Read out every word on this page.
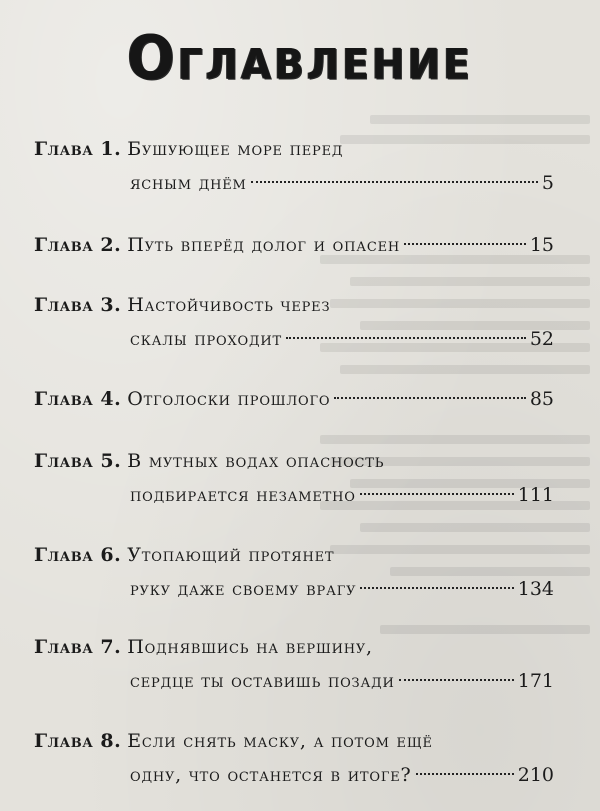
Оглавление
Глава 1. Бушующее море перед
ясным днём	5
Глава 2. Путь вперёд долог и опасен	15
Глава 3. Настойчивость через
скалы проходит	52
Глава 4. Отголоски прошлого	85
Глава 5. В мутных водах опасность
подбирается незаметно	111
Глава 6. Утопающий протянет
руку даже своему врагу	134
Глава 7. Поднявшись на вершину,
сердце ты оставишь позади	171
Глава 8. Если снять маску, а потом ещё
одну, что останется в итоге?	210
